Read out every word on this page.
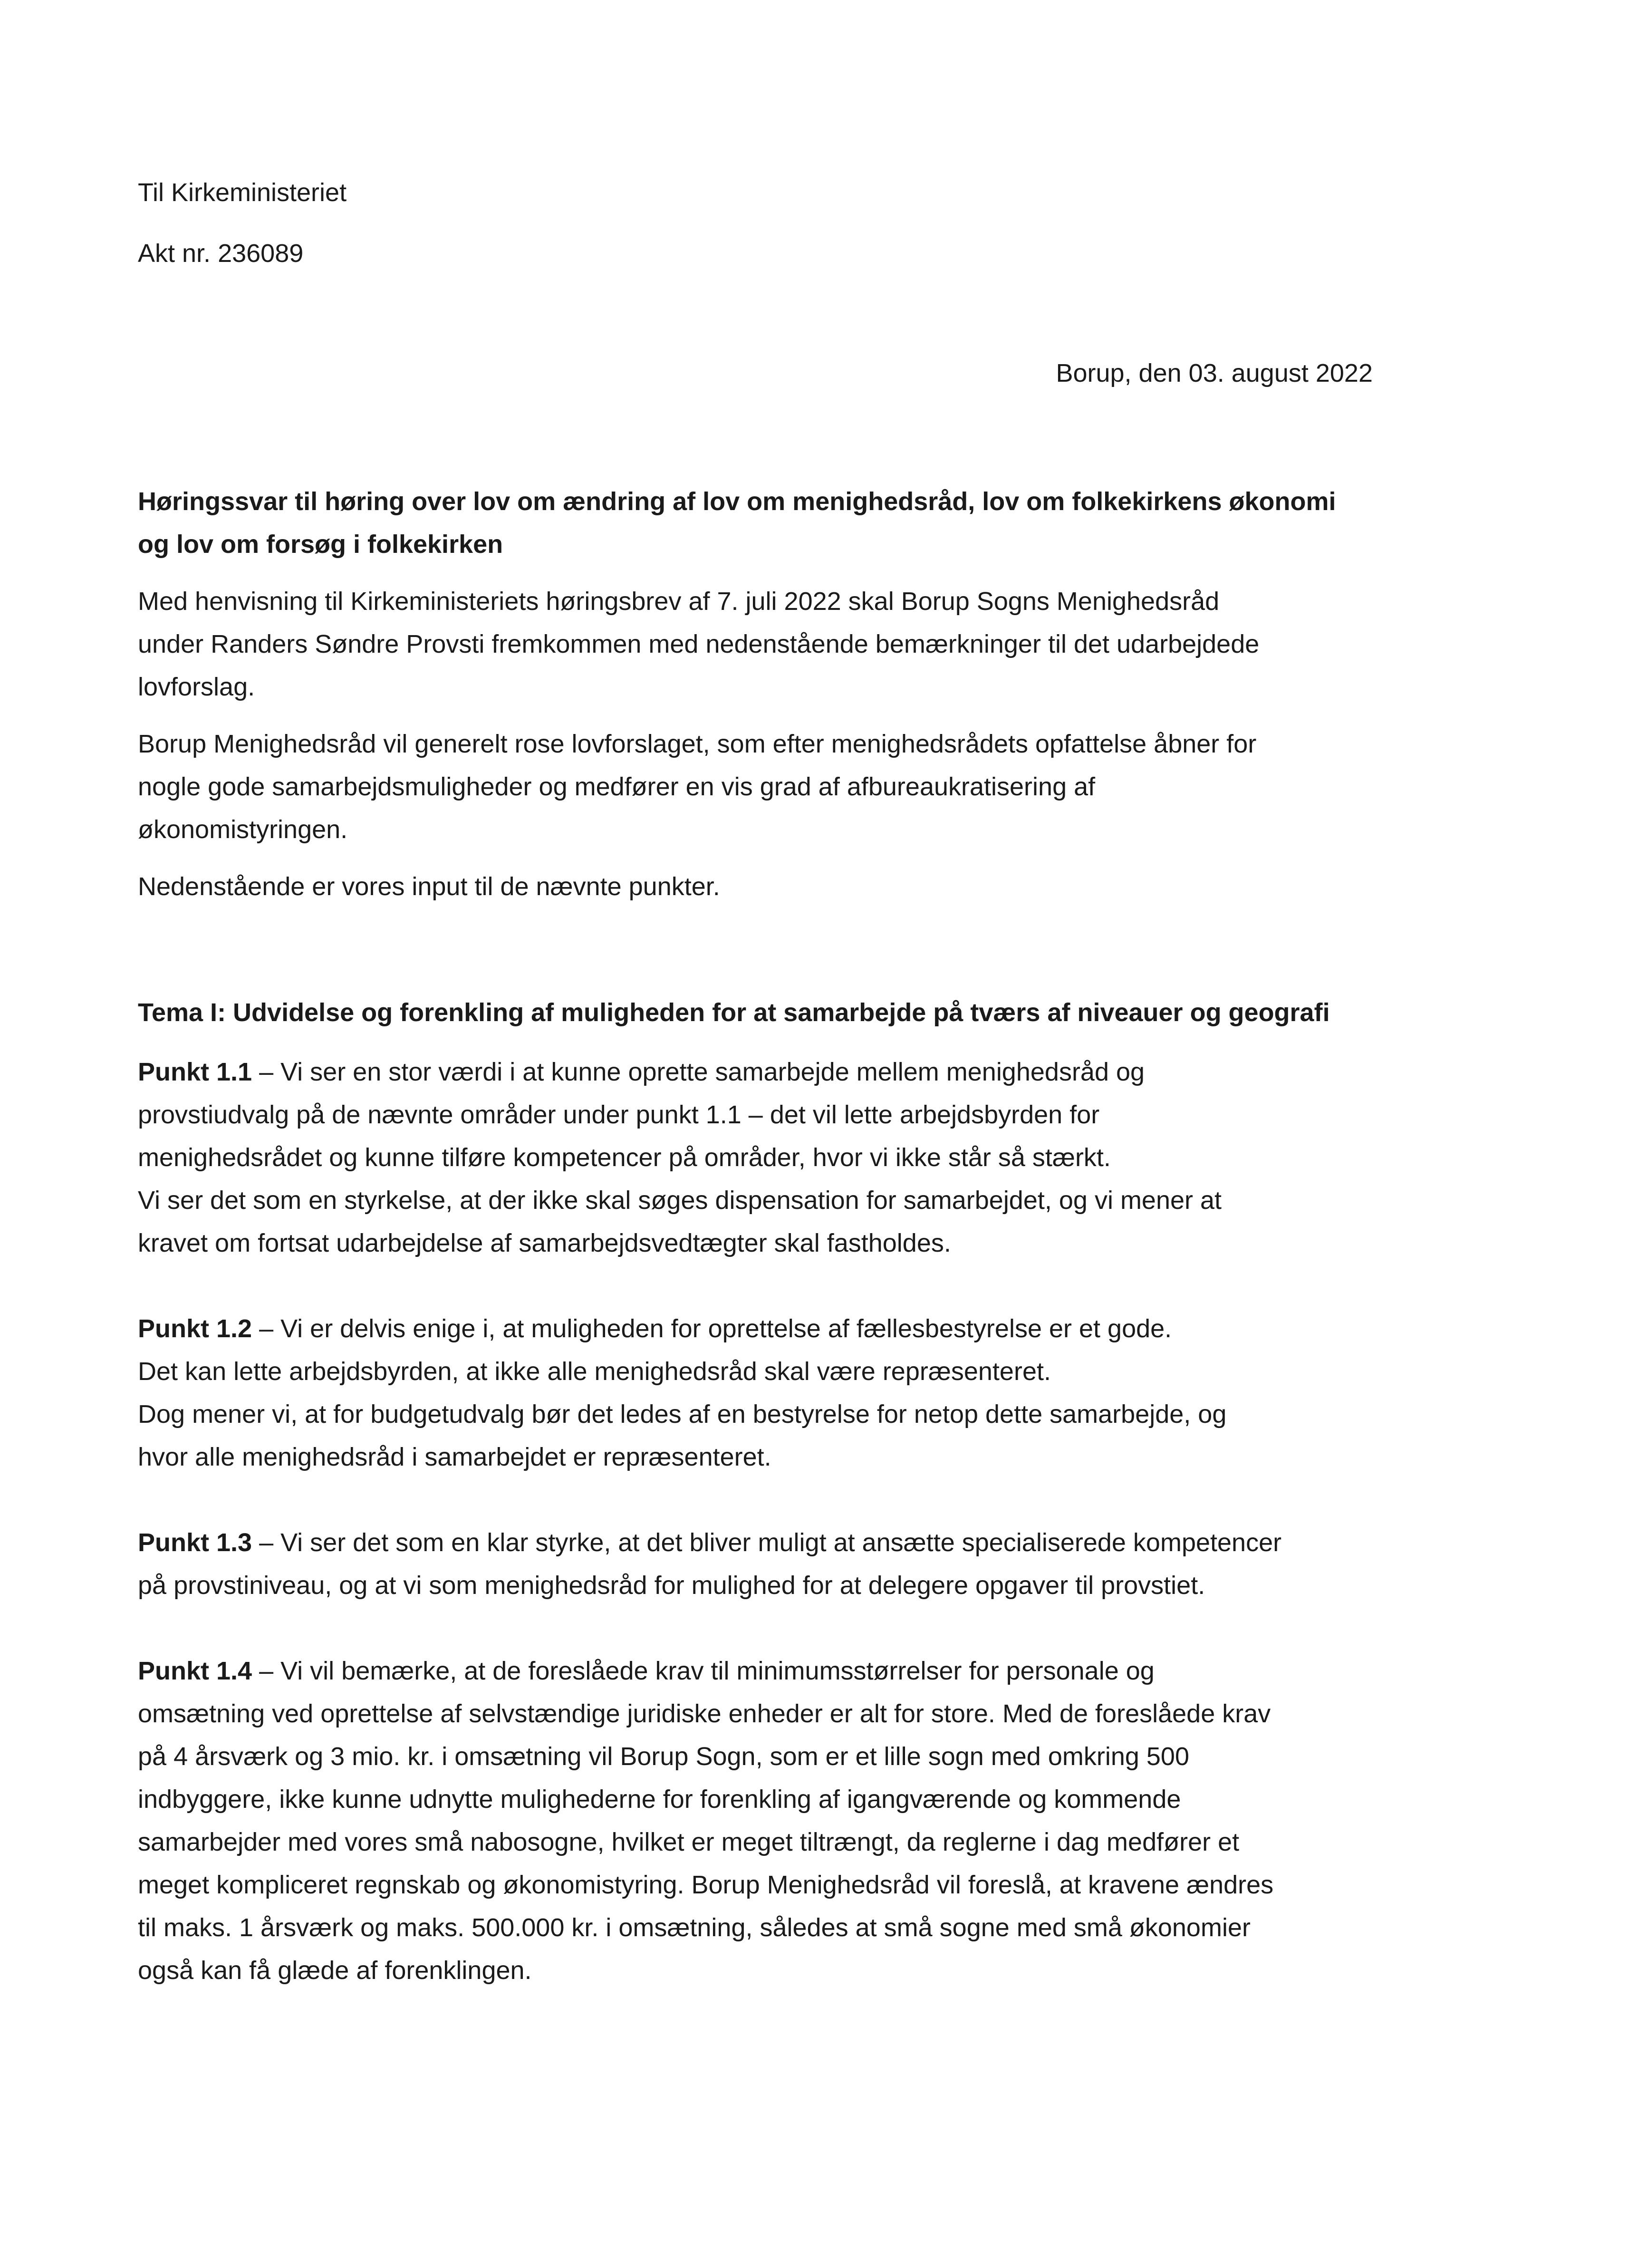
Til Kirkeministeriet
Akt nr. 236089
Borup, den 03. august 2022
Høringssvar til høring over lov om ændring af lov om menighedsråd, lov om folkekirkens økonomi
og lov om forsøg i folkekirken
Med henvisning til Kirkeministeriets høringsbrev af 7. juli 2022 skal Borup Sogns Menighedsråd
under Randers Søndre Provsti fremkommen med nedenstående bemærkninger til det udarbejdede
lovforslag.
Borup Menighedsråd vil generelt rose lovforslaget, som efter menighedsrådets opfattelse åbner for
nogle gode samarbejdsmuligheder og medfører en vis grad af afbureaukratisering af
økonomistyringen.
Nedenstående er vores input til de nævnte punkter.
Tema I: Udvidelse og forenkling af muligheden for at samarbejde på tværs af niveauer og geografi
Punkt 1.1 – Vi ser en stor værdi i at kunne oprette samarbejde mellem menighedsråd og
provstiudvalg på de nævnte områder under punkt 1.1 – det vil lette arbejdsbyrden for
menighedsrådet og kunne tilføre kompetencer på områder, hvor vi ikke står så stærkt.
Vi ser det som en styrkelse, at der ikke skal søges dispensation for samarbejdet, og vi mener at
kravet om fortsat udarbejdelse af samarbejdsvedtægter skal fastholdes.
Punkt 1.2 – Vi er delvis enige i, at muligheden for oprettelse af fællesbestyrelse er et gode.
Det kan lette arbejdsbyrden, at ikke alle menighedsråd skal være repræsenteret.
Dog mener vi, at for budgetudvalg bør det ledes af en bestyrelse for netop dette samarbejde, og
hvor alle menighedsråd i samarbejdet er repræsenteret.
Punkt 1.3 – Vi ser det som en klar styrke, at det bliver muligt at ansætte specialiserede kompetencer
på provstiniveau, og at vi som menighedsråd for mulighed for at delegere opgaver til provstiet.
Punkt 1.4 – Vi vil bemærke, at de foreslåede krav til minimumsstørrelser for personale og
omsætning ved oprettelse af selvstændige juridiske enheder er alt for store. Med de foreslåede krav
på 4 årsværk og 3 mio. kr. i omsætning vil Borup Sogn, som er et lille sogn med omkring 500
indbyggere, ikke kunne udnytte mulighederne for forenkling af igangværende og kommende
samarbejder med vores små nabosogne, hvilket er meget tiltrængt, da reglerne i dag medfører et
meget kompliceret regnskab og økonomistyring. Borup Menighedsråd vil foreslå, at kravene ændres
til maks. 1 årsværk og maks. 500.000 kr. i omsætning, således at små sogne med små økonomier
også kan få glæde af forenklingen.
